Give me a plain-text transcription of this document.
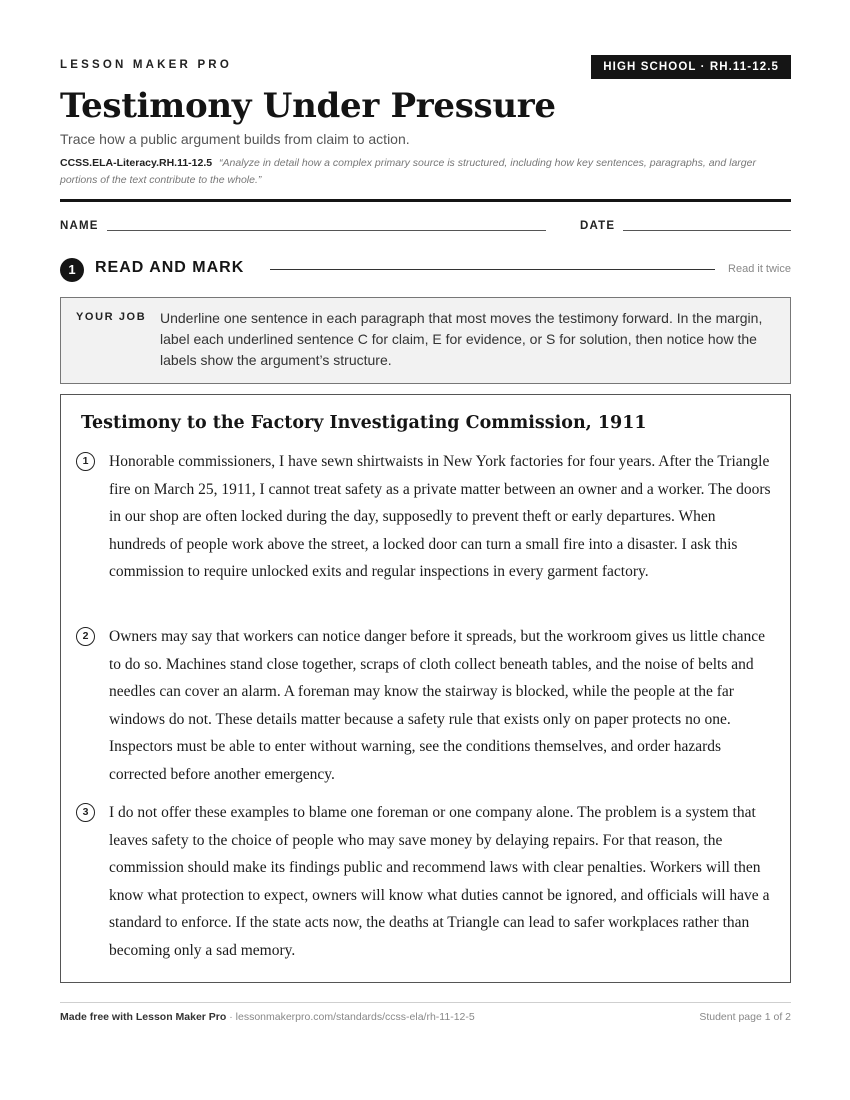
LESSON MAKER PRO	HIGH SCHOOL · RH.11-12.5
Testimony Under Pressure
Trace how a public argument builds from claim to action.
CCSS.ELA-Literacy.RH.11-12.5 “Analyze in detail how a complex primary source is structured, including how key sentences, paragraphs, and larger portions of the text contribute to the whole.”
NAME	DATE
1	READ AND MARK	Read it twice
YOUR JOB Underline one sentence in each paragraph that most moves the testimony forward. In the margin, label each underlined sentence C for claim, E for evidence, or S for solution, then notice how the labels show the argument’s structure.
Testimony to the Factory Investigating Commission, 1911
1	Honorable commissioners, I have sewn shirtwaists in New York factories for four years. After the Triangle fire on March 25, 1911, I cannot treat safety as a private matter between an owner and a worker. The doors in our shop are often locked during the day, supposedly to prevent theft or early departures. When hundreds of people work above the street, a locked door can turn a small fire into a disaster. I ask this commission to require unlocked exits and regular inspections in every garment factory.
2	Owners may say that workers can notice danger before it spreads, but the workroom gives us little chance to do so. Machines stand close together, scraps of cloth collect beneath tables, and the noise of belts and needles can cover an alarm. A foreman may know the stairway is blocked, while the people at the far windows do not. These details matter because a safety rule that exists only on paper protects no one. Inspectors must be able to enter without warning, see the conditions themselves, and order hazards corrected before another emergency.
3	I do not offer these examples to blame one foreman or one company alone. The problem is a system that leaves safety to the choice of people who may save money by delaying repairs. For that reason, the commission should make its findings public and recommend laws with clear penalties. Workers will then know what protection to expect, owners will know what duties cannot be ignored, and officials will have a standard to enforce. If the state acts now, the deaths at Triangle can lead to safer workplaces rather than becoming only a sad memory.
Made free with Lesson Maker Pro · lessonmakerpro.com/standards/ccss-ela/rh-11-12-5	Student page 1 of 2
